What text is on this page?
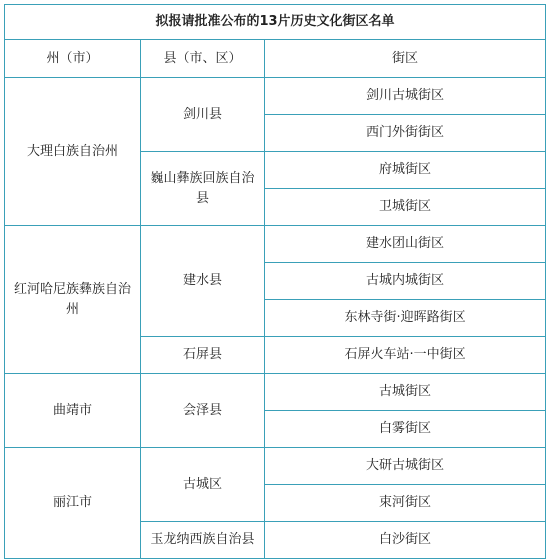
拟报请批准公布的13片历史文化街区名单		
州（市）	县（市、区）	街区
大理白族自治州	剑川县	剑川古城街区
		西门外街街区
	巍山彝族回族自治县	府城街区
		卫城街区
红河哈尼族彝族自治州	建水县	建水团山街区
		古城内城街区
		东林寺街·迎晖路街区
	石屏县	石屏火车站·一中街区
曲靖市	会泽县	古城街区
		白雾街区
丽江市	古城区	大研古城街区
		束河街区
	玉龙纳西族自治县	白沙街区
